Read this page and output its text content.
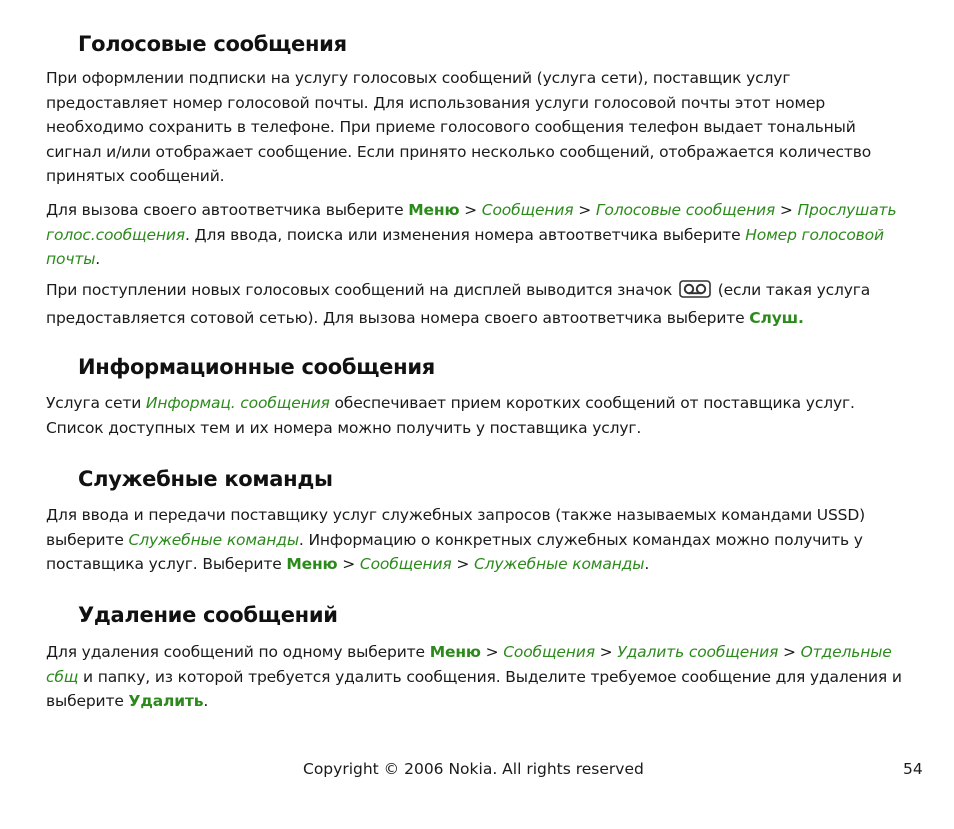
Голосовые сообщения

При оформлении подписки на услугу голосовых сообщений (услуга сети), поставщик услуг предоставляет номер голосовой почты. Для использования услуги голосовой почты этот номер необходимо сохранить в телефоне. При приеме голосового сообщения телефон выдает тональный сигнал и/или отображает сообщение. Если принято несколько сообщений, отображается количество принятых сообщений.

Для вызова своего автоответчика выберите Меню > Сообщения > Голосовые сообщения > Прослушать голос.сообщения. Для ввода, поиска или изменения номера автоответчика выберите Номер голосовой почты.

При поступлении новых голосовых сообщений на дисплей выводится значок  (если такая услуга предоставляется сотовой сетью). Для вызова номера своего автоответчика выберите Слуш.

Информационные сообщения

Услуга сети Информац. сообщения обеспечивает прием коротких сообщений от поставщика услуг. Список доступных тем и их номера можно получить у поставщика услуг.

Служебные команды

Для ввода и передачи поставщику услуг служебных запросов (также называемых командами USSD) выберите Служебные команды. Информацию о конкретных служебных командах можно получить у поставщика услуг. Выберите Меню > Сообщения > Служебные команды.

Удаление сообщений

Для удаления сообщений по одному выберите Меню > Сообщения > Удалить сообщения > Отдельные сбщ и папку, из которой требуется удалить сообщения. Выделите требуемое сообщение для удаления и выберите Удалить.

Copyright © 2006 Nokia. All rights reserved	54
